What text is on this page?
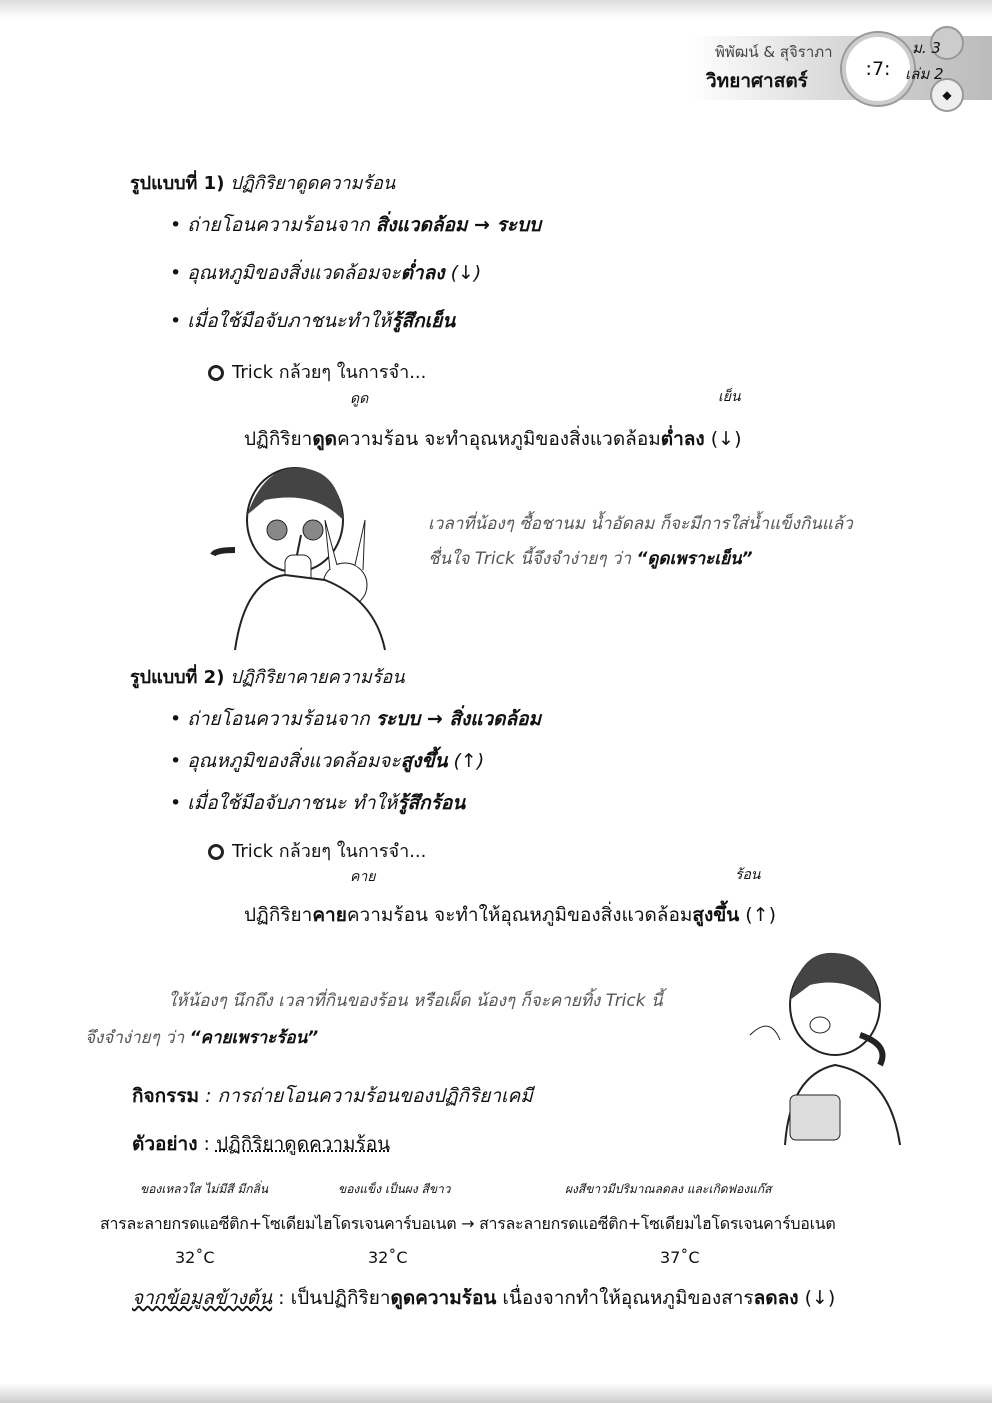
พิพัฒน์ & สุจิราภา
วิทยาศาสตร์
:7:
◆
ม. 3
เล่ม 2
รูปแบบที่ 1) ปฏิกิริยาดูดความร้อน
• ถ่ายโอนความร้อนจาก สิ่งแวดล้อม → ระบบ
• อุณหภูมิของสิ่งแวดล้อมจะต่ำลง (↓)
• เมื่อใช้มือจับภาชนะทำให้รู้สึกเย็น
Trick กล้วยๆ ในการจำ...
ดูด	เย็น
ปฏิกิริยาดูดความร้อน จะทำอุณหภูมิของสิ่งแวดล้อมต่ำลง (↓)
เวลาที่น้องๆ ซื้อชานม น้ำอัดลม ก็จะมีการใส่น้ำแข็งกินแล้ว
ชื่นใจ Trick นี้จึงจำง่ายๆ ว่า “ดูดเพราะเย็น”
รูปแบบที่ 2) ปฏิกิริยาคายความร้อน
• ถ่ายโอนความร้อนจาก ระบบ → สิ่งแวดล้อม
• อุณหภูมิของสิ่งแวดล้อมจะสูงขึ้น (↑)
• เมื่อใช้มือจับภาชนะ ทำให้รู้สึกร้อน
Trick กล้วยๆ ในการจำ...
คาย	ร้อน
ปฏิกิริยาคายความร้อน จะทำให้อุณหภูมิของสิ่งแวดล้อมสูงขึ้น (↑)
ให้น้องๆ นึกถึง เวลาที่กินของร้อน หรือเผ็ด น้องๆ ก็จะคายทิ้ง Trick นี้
จึงจำง่ายๆ ว่า “คายเพราะร้อน”
กิจกรรม : การถ่ายโอนความร้อนของปฏิกิริยาเคมี
ตัวอย่าง : ปฏิกิริยาดูดความร้อน
ของเหลวใส ไม่มีสี มีกลิ่น	ของแข็ง เป็นผง สีขาว	ผงสีขาวมีปริมาณลดลง และเกิดฟองแก๊ส
สารละลายกรดแอซีติก+โซเดียมไฮโดรเจนคาร์บอเนต → สารละลายกรดแอซีติก+โซเดียมไฮโดรเจนคาร์บอเนต
32˚C	32˚C	37˚C
จากข้อมูลข้างต้น : เป็นปฏิกิริยาดูดความร้อน เนื่องจากทำให้อุณหภูมิของสารลดลง (↓)
